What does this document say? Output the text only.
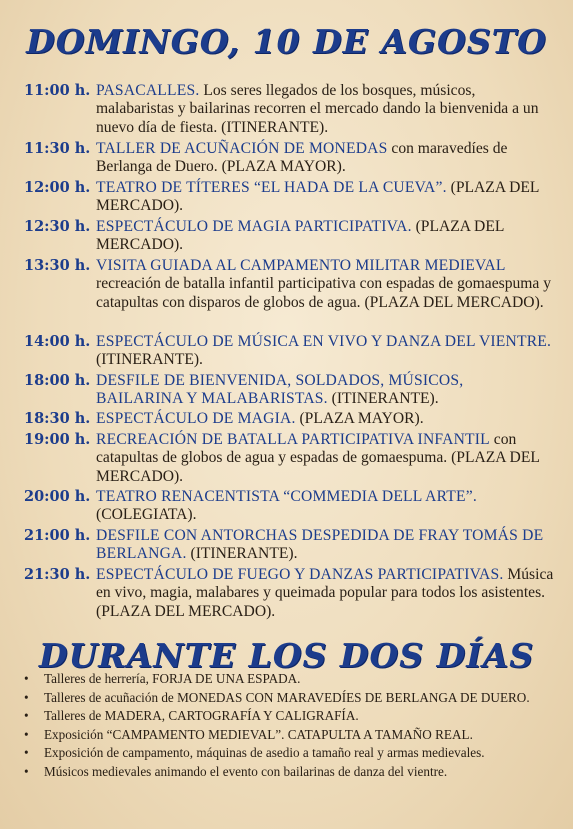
DOMINGO, 10 DE AGOSTO
11:00 h. PASACALLES. Los seres llegados de los bosques, músicos, malabaristas y bailarinas recorren el mercado dando la bienvenida a un nuevo día de fiesta. (ITINERANTE).
11:30 h. TALLER DE ACUÑACIÓN DE MONEDAS con maravedíes de Berlanga de Duero. (PLAZA MAYOR).
12:00 h. TEATRO DE TÍTERES “EL HADA DE LA CUEVA”. (PLAZA DEL MERCADO).
12:30 h. ESPECTÁCULO DE MAGIA PARTICIPATIVA. (PLAZA DEL MERCADO).
13:30 h. VISITA GUIADA AL CAMPAMENTO MILITAR MEDIEVAL recreación de batalla infantil participativa con espadas de gomaespuma y catapultas con disparos de globos de agua. (PLAZA DEL MERCADO).
14:00 h. ESPECTÁCULO DE MÚSICA EN VIVO Y DANZA DEL VIENTRE. (ITINERANTE).
18:00 h. DESFILE DE BIENVENIDA, SOLDADOS, MÚSICOS, BAILARINA Y MALABARISTAS. (ITINERANTE).
18:30 h. ESPECTÁCULO DE MAGIA. (PLAZA MAYOR).
19:00 h. RECREACIÓN DE BATALLA PARTICIPATIVA INFANTIL con catapultas de globos de agua y espadas de gomaespuma. (PLAZA DEL MERCADO).
20:00 h. TEATRO RENACENTISTA “COMMEDIA DELL ARTE”. (COLEGIATA).
21:00 h. DESFILE CON ANTORCHAS DESPEDIDA DE FRAY TOMÁS DE BERLANGA. (ITINERANTE).
21:30 h. ESPECTÁCULO DE FUEGO Y DANZAS PARTICIPATIVAS. Música en vivo, magia, malabares y queimada popular para todos los asistentes. (PLAZA DEL MERCADO).
DURANTE LOS DOS DÍAS
• Talleres de herrería, FORJA DE UNA ESPADA.
• Talleres de acuñación de MONEDAS CON MARAVEDÍES DE BERLANGA DE DUERO.
• Talleres de MADERA, CARTOGRAFÍA Y CALIGRAFÍA.
• Exposición “CAMPAMENTO MEDIEVAL”. CATAPULTA A TAMAÑO REAL.
• Exposición de campamento, máquinas de asedio a tamaño real y armas medievales.
• Músicos medievales animando el evento con bailarinas de danza del vientre.
